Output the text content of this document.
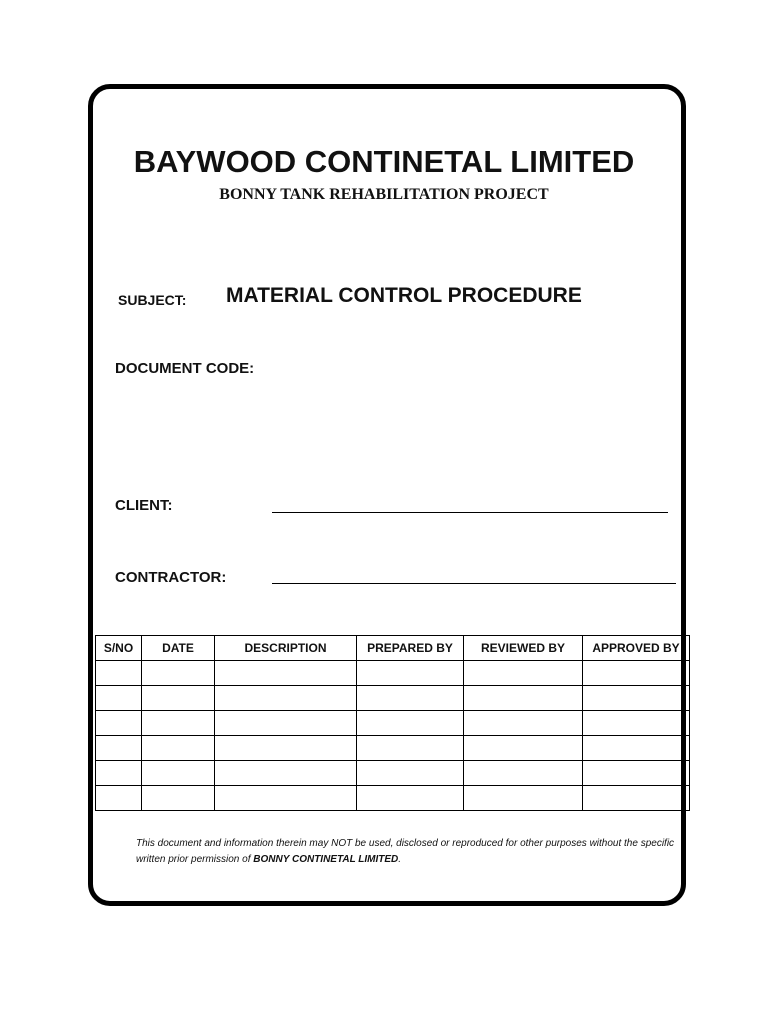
BAYWOOD CONTINETAL LIMITED
BONNY TANK REHABILITATION PROJECT
SUBJECT: MATERIAL CONTROL PROCEDURE
DOCUMENT CODE:
CLIENT:
CONTRACTOR:
S/NO	DATE	DESCRIPTION	PREPARED BY	REVIEWED BY	APPROVED BY

This document and information therein may NOT be used, disclosed or reproduced for other purposes without the specific written prior permission of BONNY CONTINETAL LIMITED.
